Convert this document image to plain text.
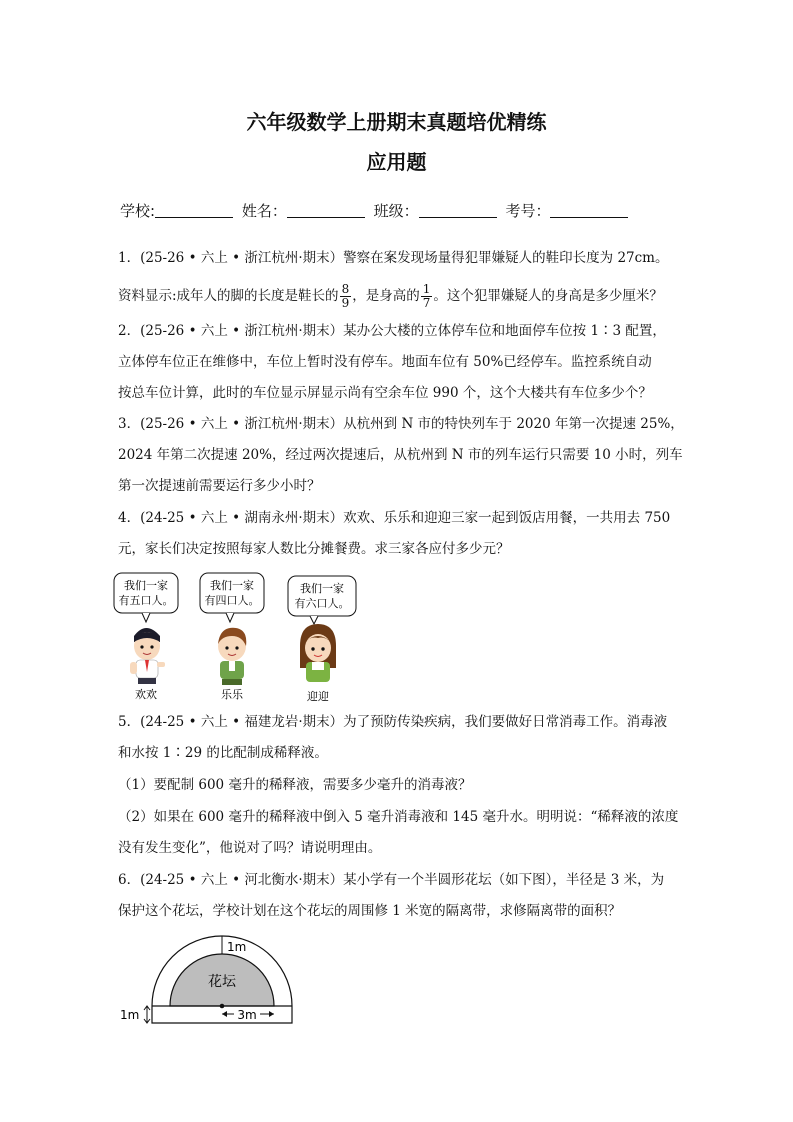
六年级数学上册期末真题培优精练
应用题
学校:	姓名：	班级：	考号：
1．(25-26 • 六上 • 浙江杭州·期末）警察在案发现场量得犯罪嫌疑人的鞋印长度为 27cm。
资料显示:成年人的脚的长度是鞋长的 $\frac{8}{9}$ ，是身高的 $\frac{1}{7}$ 。这个犯罪嫌疑人的身高是多少厘米？
2．(25-26 • 六上 • 浙江杭州·期末）某办公大楼的立体停车位和地面停车位按 1∶3 配置，
立体停车位正在维修中，车位上暂时没有停车。地面车位有 50%已经停车。监控系统自动
按总车位计算，此时的车位显示屏显示尚有空余车位 990 个，这个大楼共有车位多少个？
3．(25-26 • 六上 • 浙江杭州·期末）从杭州到 N 市的特快列车于 2020 年第一次提速 25%，
2024 年第二次提速 20%，经过两次提速后，从杭州到 N 市的列车运行只需要 10 小时，列车
第一次提速前需要运行多少小时？
4．(24-25 • 六上 • 湖南永州·期末）欢欢、乐乐和迎迎三家一起到饭店用餐，一共用去 750
元，家长们决定按照每家人数比分摊餐费。求三家各应付多少元？
我们一家
有五口人。
我们一家
有四口人。
我们一家
有六口人。
欢欢	乐乐	迎迎
5．(24-25 • 六上 • 福建龙岩·期末）为了预防传染疾病，我们要做好日常消毒工作。消毒液
和水按 1∶29 的比配制成稀释液。
（1）要配制 600 毫升的稀释液，需要多少毫升的消毒液？
（2）如果在 600 毫升的稀释液中倒入 5 毫升消毒液和 145 毫升水。明明说：“稀释液的浓度
没有发生变化”，他说对了吗？请说明理由。
6．(24-25 • 六上 • 河北衡水·期末）某小学有一个半圆形花坛（如下图），半径是 3 米，为
保护这个花坛，学校计划在这个花坛的周围修 1 米宽的隔离带，求修隔离带的面积？
花坛
1m
1m	3m
